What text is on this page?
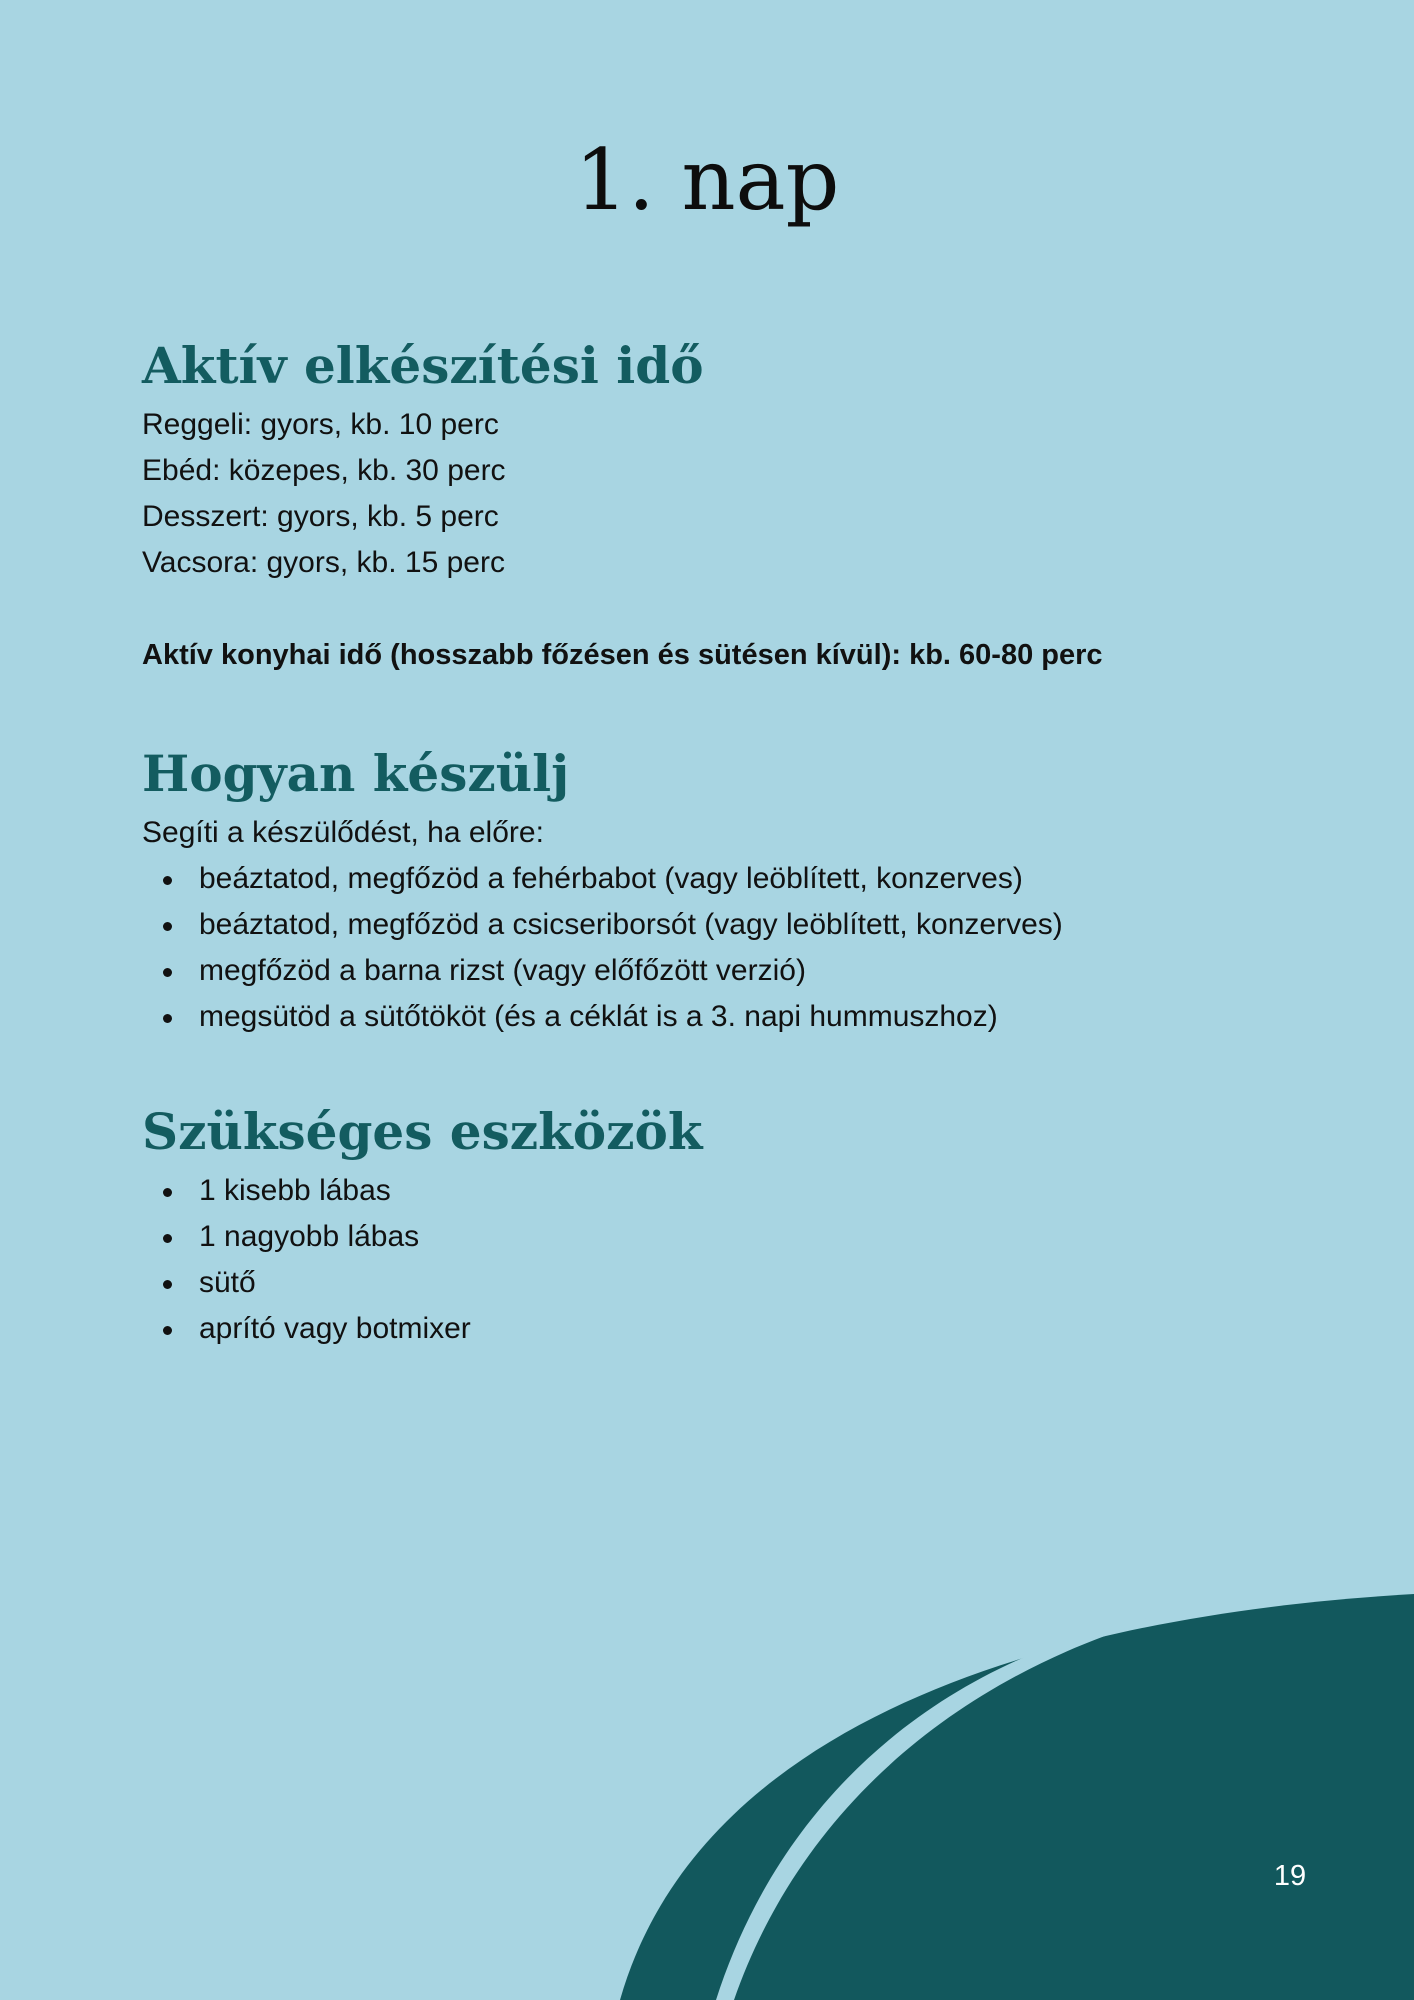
1. nap
Aktív elkészítési idő

Reggeli: gyors, kb. 10 perc

Ebéd: közepes, kb. 30 perc

Desszert: gyors, kb. 5 perc

Vacsora: gyors, kb. 15 perc

Aktív konyhai idő (hosszabb főzésen és sütésen kívül): kb. 60-80 perc

Hogyan készülj

Segíti a készülődést, ha előre:

beáztatod, megfőzöd a fehérbabot (vagy leöblített, konzerves)
beáztatod, megfőzöd a csicseriborsót (vagy leöblített, konzerves)
megfőzöd a barna rizst (vagy előfőzött verzió)
megsütöd a sütőtököt (és a céklát is a 3. napi hummuszhoz)
Szükséges eszközök
1 kisebb lábas
1 nagyobb lábas
sütő
aprító vagy botmixer
19
